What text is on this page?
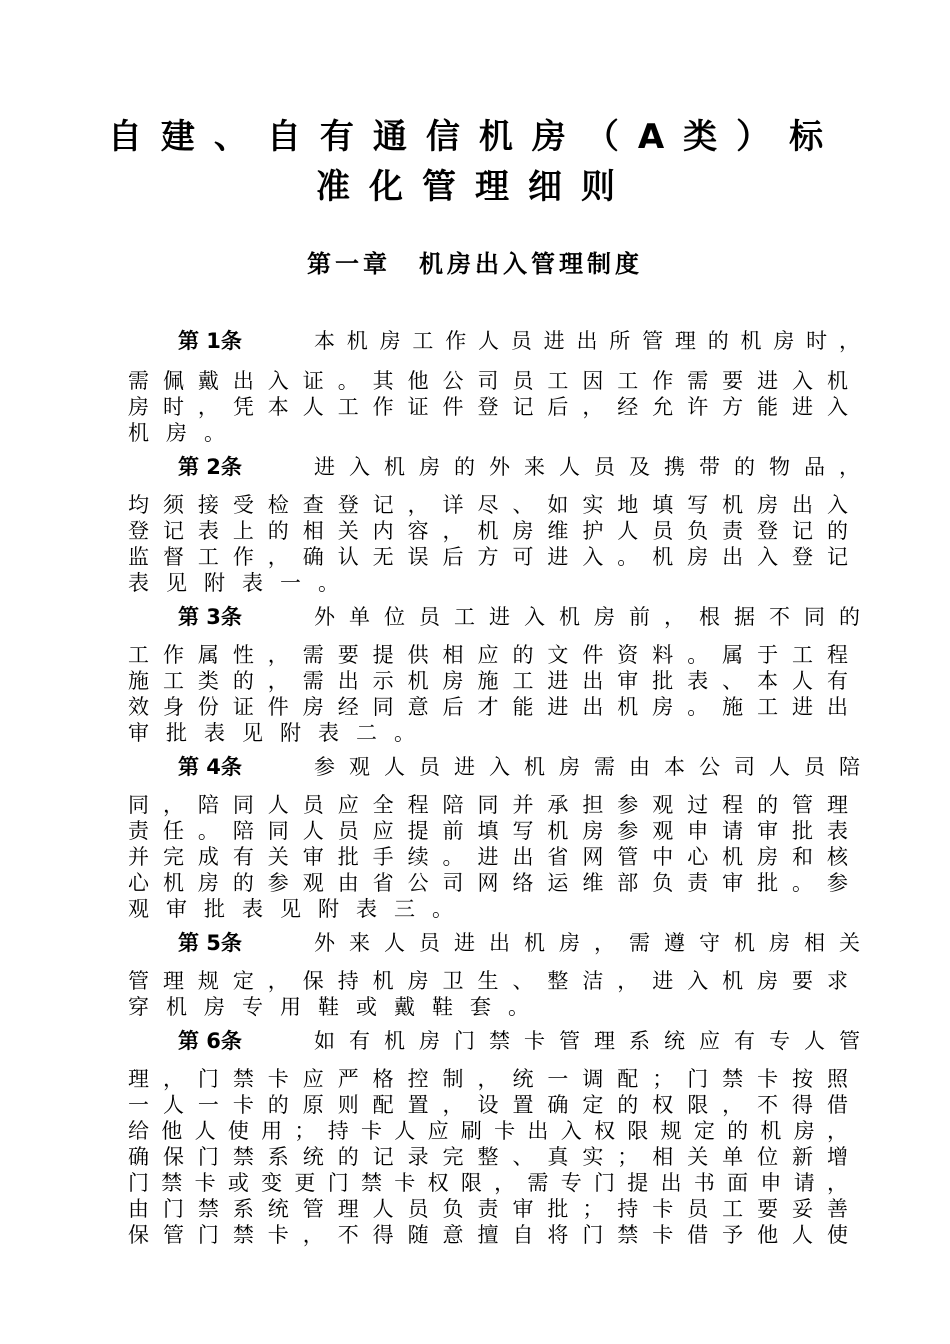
自建、自有通信机房（A类）标
准化管理细则
第一章　机房出入管理制度
第 1条	本机房工作人员进出所管理的机房时，
需佩戴出入证。其他公司员工因工作需要进入机
房时，凭本人工作证件登记后，经允许方能进入
机房。
第 2条	进入机房的外来人员及携带的物品，
均须接受检查登记，详尽、如实地填写机房出入
登记表上的相关内容，机房维护人员负责登记的
监督工作，确认无误后方可进入。机房出入登记
表见附表一。
第 3条	外单位员工进入机房前，根据不同的
工作属性，需要提供相应的文件资料。属于工程
施工类的，需出示机房施工进出审批表、本人有
效身份证件房经同意后才能进出机房。施工进出
审批表见附表二。
第 4条	参观人员进入机房需由本公司人员陪
同，陪同人员应全程陪同并承担参观过程的管理
责任。陪同人员应提前填写机房参观申请审批表
并完成有关审批手续。进出省网管中心机房和核
心机房的参观由省公司网络运维部负责审批。参
观审批表见附表三。
第 5条	外来人员进出机房，需遵守机房相关
管理规定，保持机房卫生、整洁，进入机房要求
穿机房专用鞋或戴鞋套。
第 6条	如有机房门禁卡管理系统应有专人管
理，门禁卡应严格控制，统一调配；门禁卡按照
一人一卡的原则配置，设置确定的权限，不得借
给他人使用；持卡人应刷卡出入权限规定的机房，
确保门禁系统的记录完整、真实；相关单位新增
门禁卡或变更门禁卡权限，需专门提出书面申请，
由门禁系统管理人员负责审批；持卡员工要妥善
保管门禁卡，不得随意擅自将门禁卡借予他人使
